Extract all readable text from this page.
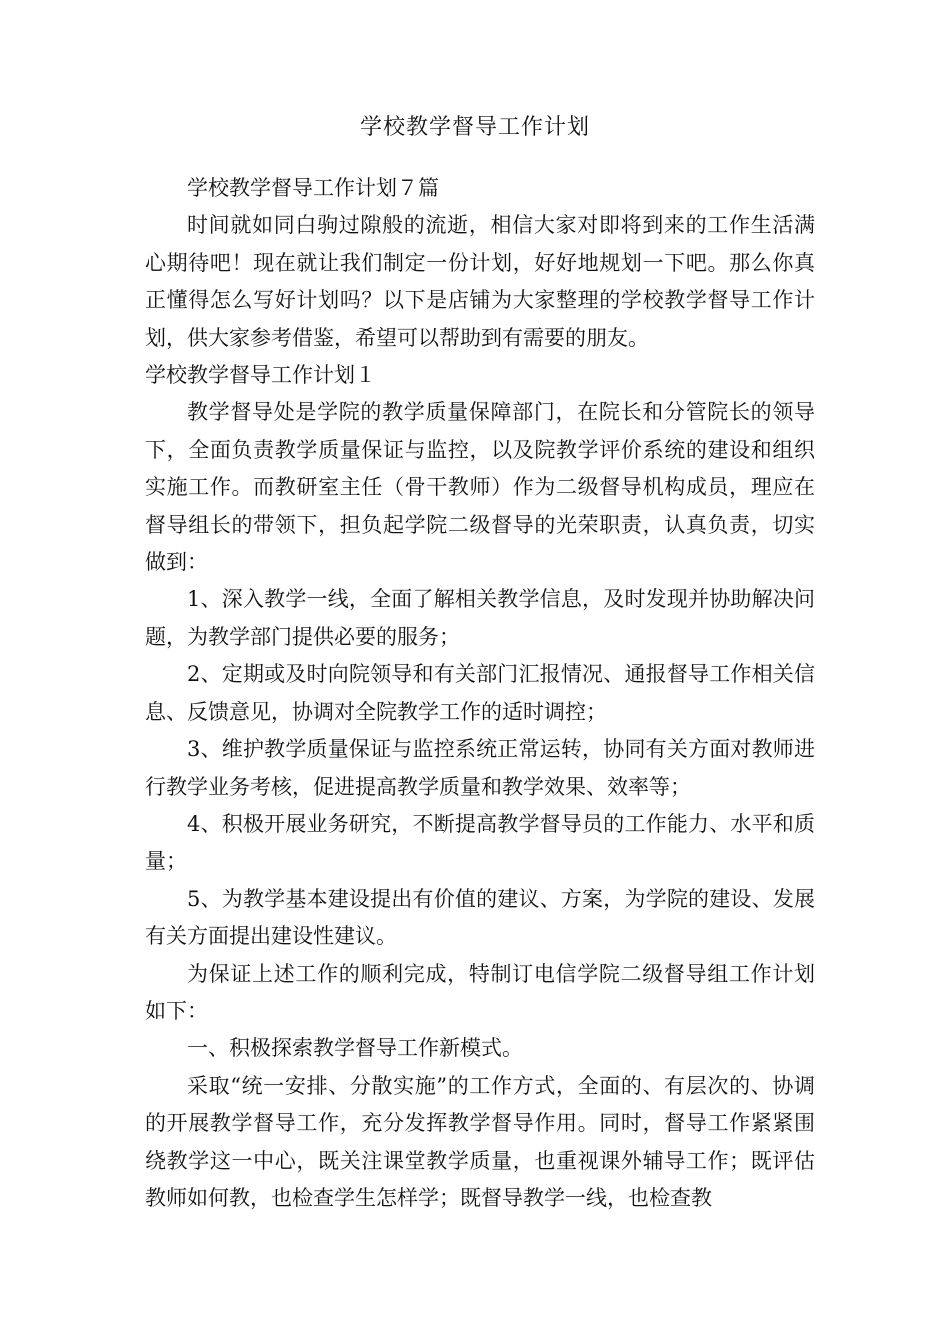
学校教学督导工作计划

学校教学督导工作计划７篇

时间就如同白驹过隙般的流逝，相信大家对即将到来的工作生活满心期待吧！现在就让我们制定一份计划，好好地规划一下吧。那么你真正懂得怎么写好计划吗？以下是店铺为大家整理的学校教学督导工作计划，供大家参考借鉴，希望可以帮助到有需要的朋友。

学校教学督导工作计划１

教学督导处是学院的教学质量保障部门，在院长和分管院长的领导下，全面负责教学质量保证与监控，以及院教学评价系统的建设和组织实施工作。而教研室主任（骨干教师）作为二级督导机构成员，理应在督导组长的带领下，担负起学院二级督导的光荣职责，认真负责，切实做到：

1、深入教学一线，全面了解相关教学信息，及时发现并协助解决问题，为教学部门提供必要的服务；

2、定期或及时向院领导和有关部门汇报情况、通报督导工作相关信息、反馈意见，协调对全院教学工作的适时调控；

3、维护教学质量保证与监控系统正常运转，协同有关方面对教师进行教学业务考核，促进提高教学质量和教学效果、效率等；

4、积极开展业务研究，不断提高教学督导员的工作能力、水平和质量；

5、为教学基本建设提出有价值的建议、方案，为学院的建设、发展有关方面提出建设性建议。

为保证上述工作的顺利完成，特制订电信学院二级督导组工作计划如下：

一、积极探索教学督导工作新模式。

采取“统一安排、分散实施”的工作方式，全面的、有层次的、协调的开展教学督导工作，充分发挥教学督导作用。同时，督导工作紧紧围绕教学这一中心，既关注课堂教学质量，也重视课外辅导工作；既评估教师如何教，也检查学生怎样学；既督导教学一线，也检查教
